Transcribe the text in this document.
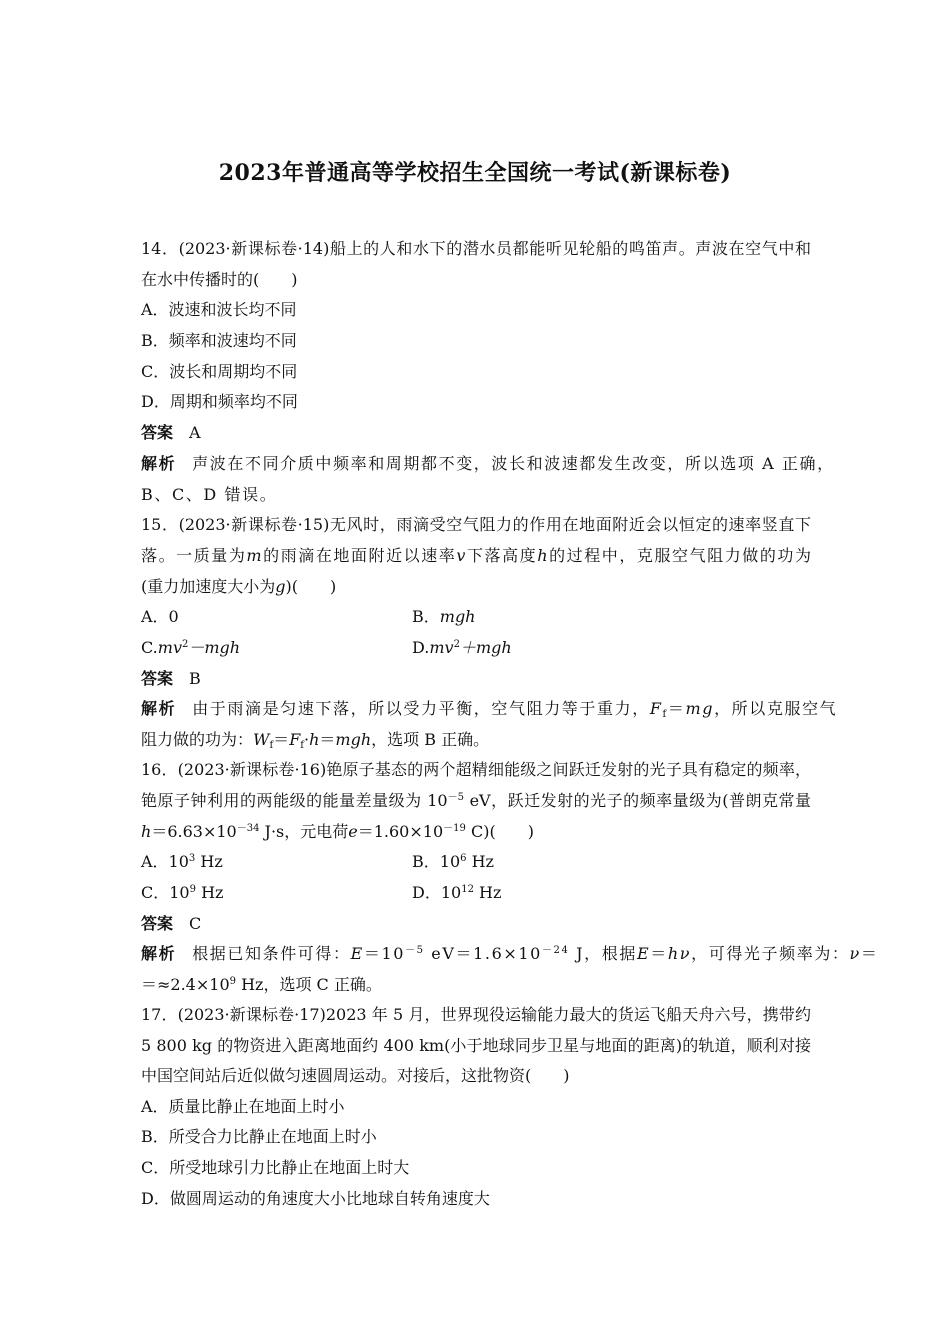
2023年普通高等学校招生全国统一考试(新课标卷)
14．(2023·新课标卷·14)船上的人和水下的潜水员都能听见轮船的鸣笛声。声波在空气中和
在水中传播时的(　　)
A．波速和波长均不同
B．频率和波速均不同
C．波长和周期均不同
D．周期和频率均不同
答案 A
解析 声波在不同介质中频率和周期都不变，波长和波速都发生改变，所以选项 A 正确，
B、C、D 错误。
15．(2023·新课标卷·15)无风时，雨滴受空气阻力的作用在地面附近会以恒定的速率竖直下
落。一质量为m的雨滴在地面附近以速率v下落高度h的过程中，克服空气阻力做的功为
(重力加速度大小为g)(　　)
A．0	B．mgh
$C.mv^2-mgh$	$D.mv^2+mgh$
答案 B
解析 由于雨滴是匀速下落，所以受力平衡，空气阻力等于重力，$F_f=mg$，所以克服空气
阻力做的功为：$W_f=F_f\cdot h=mgh$，选项 B 正确。
16．(2023·新课标卷·16)铯原子基态的两个超精细能级之间跃迁发射的光子具有稳定的频率，
铯原子钟利用的两能级的能量差量级为 $10^{-5}$ eV，跃迁发射的光子的频率量级为(普朗克常量
$h=6.63\times 10^{-34}$ J·s，元电荷$e=1.60\times 10^{-19}$ C)(　　)
A．$10^3$ Hz	B．$10^6$ Hz
C．$10^9$ Hz	D．$10^{12}$ Hz
答案 C
解析 根据已知条件可得：$E=10^{-5}$ $eV=1.6\times 10^{-24}$ J，根据E＝hν，可得光子频率为：ν＝
$=\approx 2.4\times 10^9$ Hz，选项 C 正确。
17．(2023·新课标卷·17)2023 年 5 月，世界现役运输能力最大的货运飞船天舟六号，携带约
5 800 kg 的物资进入距离地面约 400 km(小于地球同步卫星与地面的距离)的轨道，顺利对接
中国空间站后近似做匀速圆周运动。对接后，这批物资(　　)
A．质量比静止在地面上时小
B．所受合力比静止在地面上时小
C．所受地球引力比静止在地面上时大
D．做圆周运动的角速度大小比地球自转角速度大
